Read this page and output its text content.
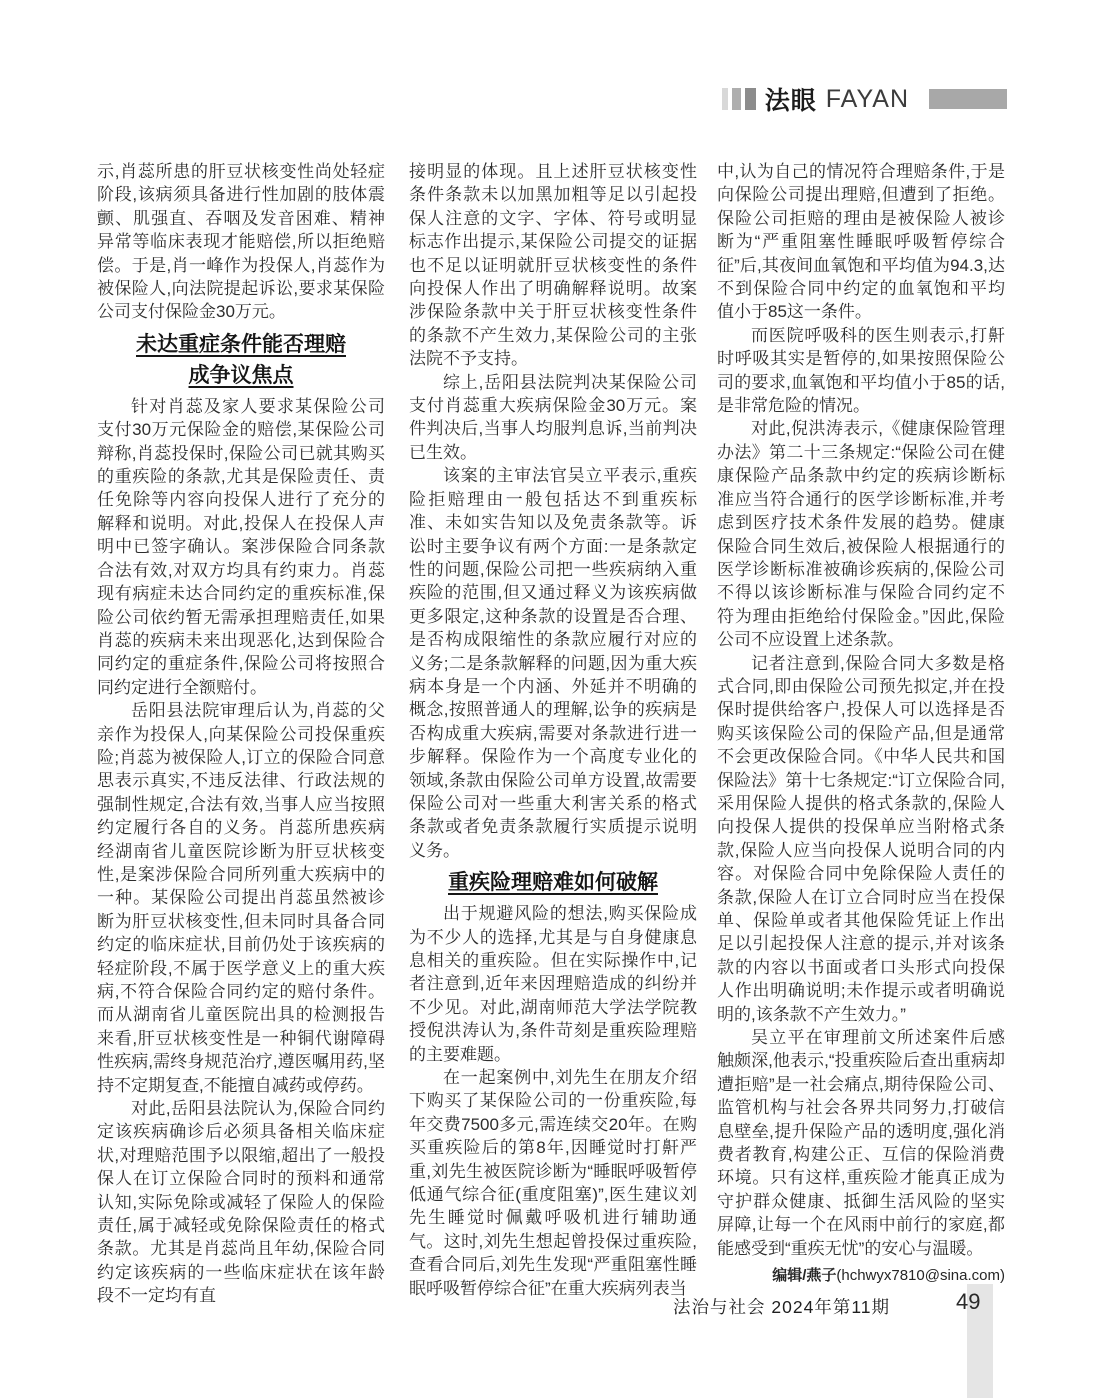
法眼 FAYAN

示,肖蕊所患的肝豆状核变性尚处轻症阶段,该病须具备进行性加剧的肢体震颤、肌强直、吞咽及发音困难、精神异常等临床表现才能赔偿,所以拒绝赔偿。于是,肖一峰作为投保人,肖蕊作为被保险人,向法院提起诉讼,要求某保险公司支付保险金30万元。

未达重症条件能否理赔
成争议焦点

针对肖蕊及家人要求某保险公司支付30万元保险金的赔偿,某保险公司辩称,肖蕊投保时,保险公司已就其购买的重疾险的条款,尤其是保险责任、责任免除等内容向投保人进行了充分的解释和说明。对此,投保人在投保人声明中已签字确认。案涉保险合同条款合法有效,对双方均具有约束力。肖蕊现有病症未达合同约定的重疾标准,保险公司依约暂无需承担理赔责任,如果肖蕊的疾病未来出现恶化,达到保险合同约定的重症条件,保险公司将按照合同约定进行全额赔付。

岳阳县法院审理后认为,肖蕊的父亲作为投保人,向某保险公司投保重疾险;肖蕊为被保险人,订立的保险合同意思表示真实,不违反法律、行政法规的强制性规定,合法有效,当事人应当按照约定履行各自的义务。肖蕊所患疾病经湖南省儿童医院诊断为肝豆状核变性,是案涉保险合同所列重大疾病中的一种。某保险公司提出肖蕊虽然被诊断为肝豆状核变性,但未同时具备合同约定的临床症状,目前仍处于该疾病的轻症阶段,不属于医学意义上的重大疾病,不符合保险合同约定的赔付条件。而从湖南省儿童医院出具的检测报告来看,肝豆状核变性是一种铜代谢障碍性疾病,需终身规范治疗,遵医嘱用药,坚持不定期复查,不能擅自减药或停药。

对此,岳阳县法院认为,保险合同约定该疾病确诊后必须具备相关临床症状,对理赔范围予以限缩,超出了一般投保人在订立保险合同时的预料和通常认知,实际免除或减轻了保险人的保险责任,属于减轻或免除保险责任的格式条款。尤其是肖蕊尚且年幼,保险合同约定该疾病的一些临床症状在该年龄段不一定均有直

接明显的体现。且上述肝豆状核变性条件条款未以加黑加粗等足以引起投保人注意的文字、字体、符号或明显标志作出提示,某保险公司提交的证据也不足以证明就肝豆状核变性的条件向投保人作出了明确解释说明。故案涉保险条款中关于肝豆状核变性条件的条款不产生效力,某保险公司的主张法院不予支持。

综上,岳阳县法院判决某保险公司支付肖蕊重大疾病保险金30万元。案件判决后,当事人均服判息诉,当前判决已生效。

该案的主审法官吴立平表示,重疾险拒赔理由一般包括达不到重疾标准、未如实告知以及免责条款等。诉讼时主要争议有两个方面:一是条款定性的问题,保险公司把一些疾病纳入重疾险的范围,但又通过释义为该疾病做更多限定,这种条款的设置是否合理、是否构成限缩性的条款应履行对应的义务;二是条款解释的问题,因为重大疾病本身是一个内涵、外延并不明确的概念,按照普通人的理解,讼争的疾病是否构成重大疾病,需要对条款进行进一步解释。保险作为一个高度专业化的领域,条款由保险公司单方设置,故需要保险公司对一些重大利害关系的格式条款或者免责条款履行实质提示说明义务。

重疾险理赔难如何破解

出于规避风险的想法,购买保险成为不少人的选择,尤其是与自身健康息息相关的重疾险。但在实际操作中,记者注意到,近年来因理赔造成的纠纷并不少见。对此,湖南师范大学法学院教授倪洪涛认为,条件苛刻是重疾险理赔的主要难题。

在一起案例中,刘先生在朋友介绍下购买了某保险公司的一份重疾险,每年交费7500多元,需连续交20年。在购买重疾险后的第8年,因睡觉时打鼾严重,刘先生被医院诊断为“睡眠呼吸暂停低通气综合征(重度阻塞)”,医生建议刘先生睡觉时佩戴呼吸机进行辅助通气。这时,刘先生想起曾投保过重疾险,查看合同后,刘先生发现“严重阻塞性睡眠呼吸暂停综合征”在重大疾病列表当

中,认为自己的情况符合理赔条件,于是向保险公司提出理赔,但遭到了拒绝。保险公司拒赔的理由是被保险人被诊断为“严重阻塞性睡眠呼吸暂停综合征”后,其夜间血氧饱和平均值为94.3,达不到保险合同中约定的血氧饱和平均值小于85这一条件。

而医院呼吸科的医生则表示,打鼾时呼吸其实是暂停的,如果按照保险公司的要求,血氧饱和平均值小于85的话,是非常危险的情况。

对此,倪洪涛表示,《健康保险管理办法》第二十三条规定:“保险公司在健康保险产品条款中约定的疾病诊断标准应当符合通行的医学诊断标准,并考虑到医疗技术条件发展的趋势。健康保险合同生效后,被保险人根据通行的医学诊断标准被确诊疾病的,保险公司不得以该诊断标准与保险合同约定不符为理由拒绝给付保险金。”因此,保险公司不应设置上述条款。

记者注意到,保险合同大多数是格式合同,即由保险公司预先拟定,并在投保时提供给客户,投保人可以选择是否购买该保险公司的保险产品,但是通常不会更改保险合同。《中华人民共和国保险法》第十七条规定:“订立保险合同,采用保险人提供的格式条款的,保险人向投保人提供的投保单应当附格式条款,保险人应当向投保人说明合同的内容。对保险合同中免除保险人责任的条款,保险人在订立合同时应当在投保单、保险单或者其他保险凭证上作出足以引起投保人注意的提示,并对该条款的内容以书面或者口头形式向投保人作出明确说明;未作提示或者明确说明的,该条款不产生效力。”

吴立平在审理前文所述案件后感触颇深,他表示,“投重疾险后查出重病却遭拒赔”是一社会痛点,期待保险公司、监管机构与社会各界共同努力,打破信息壁垒,提升保险产品的透明度,强化消费者教育,构建公正、互信的保险消费环境。只有这样,重疾险才能真正成为守护群众健康、抵御生活风险的坚实屏障,让每一个在风雨中前行的家庭,都能感受到“重疾无忧”的安心与温暖。

编辑/燕子(hchwyx7810@sina.com)

法治与社会 2024年第11期	49
